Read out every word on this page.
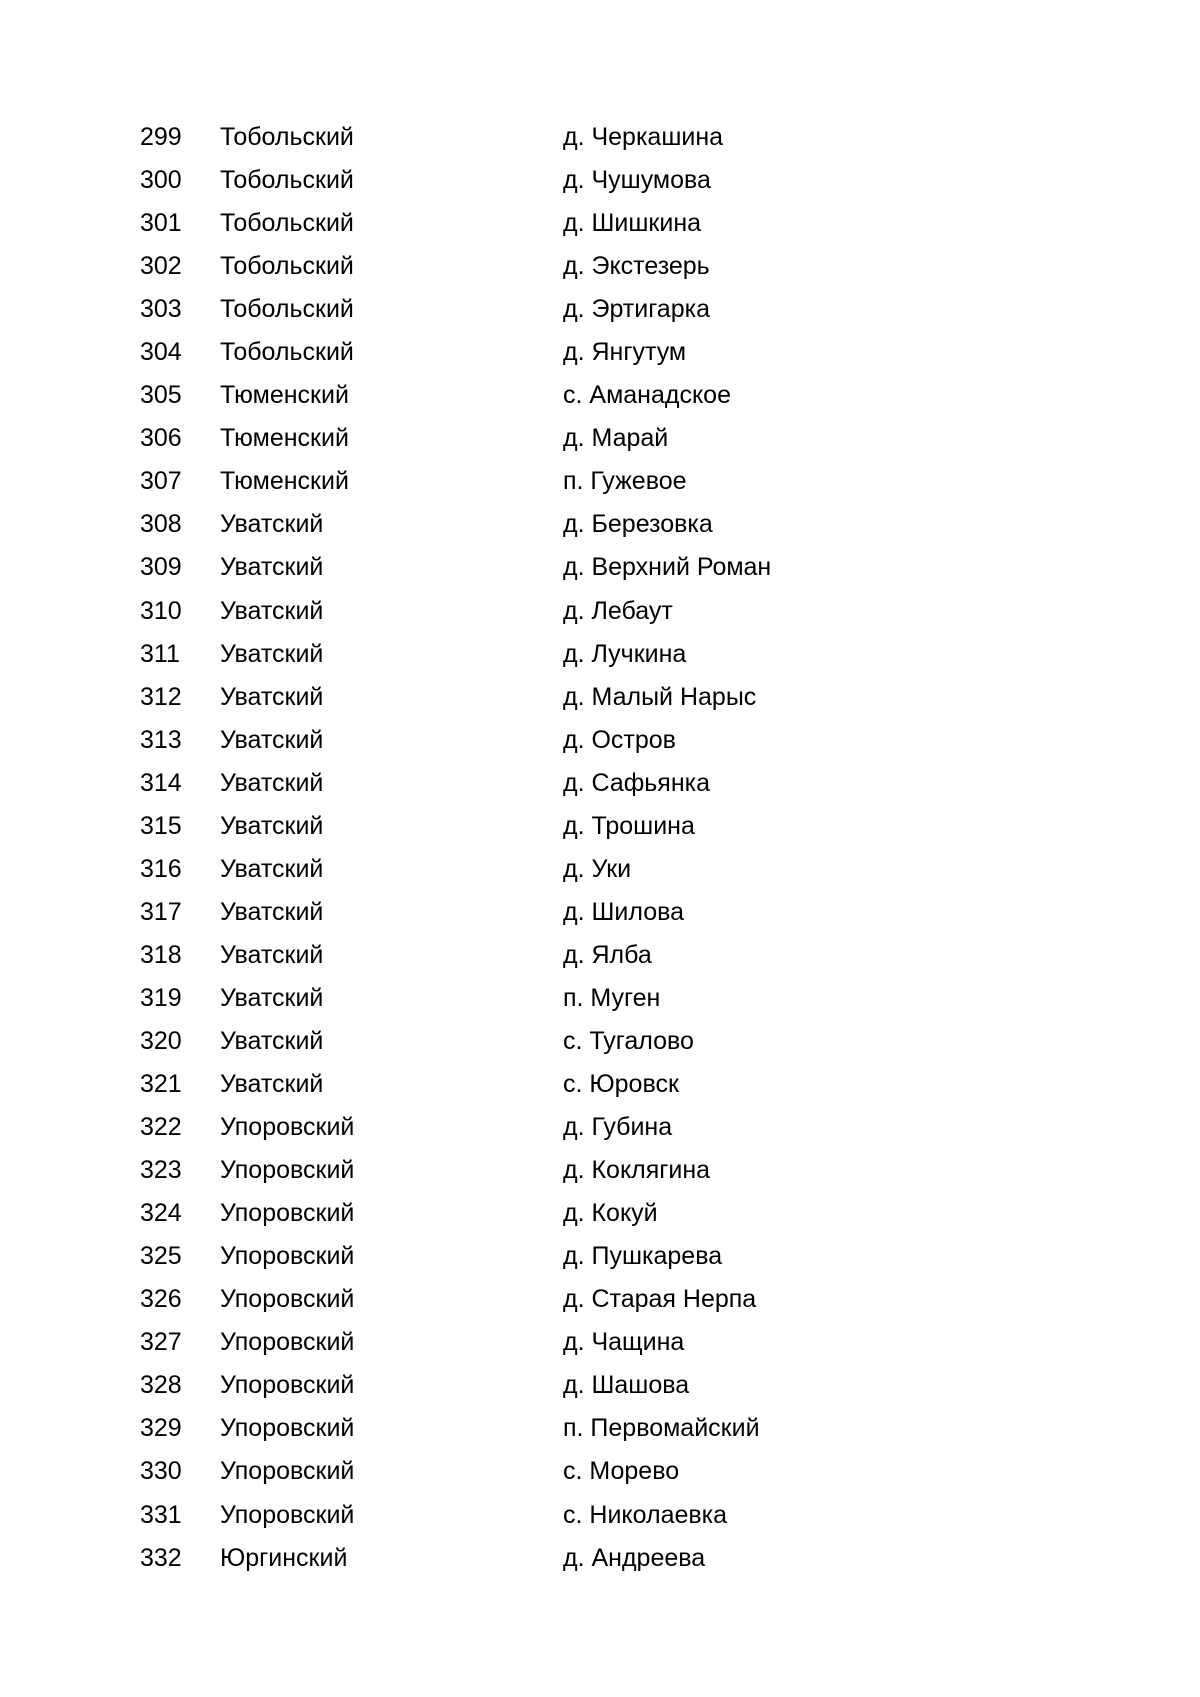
299 Тобольский	д. Черкашина
300 Тобольский	д. Чушумова
301 Тобольский	д. Шишкина
302 Тобольский	д. Экстезерь
303 Тобольский	д. Эртигарка
304 Тобольский	д. Янгутум
305 Тюменский	с. Аманадское
306 Тюменский	д. Марай
307 Тюменский	п. Гужевое
308 Уватский	д. Березовка
309 Уватский	д. Верхний Роман
310 Уватский	д. Лебаут
311 Уватский	д. Лучкина
312 Уватский	д. Малый Нарыс
313 Уватский	д. Остров
314 Уватский	д. Сафьянка
315 Уватский	д. Трошина
316 Уватский	д. Уки
317 Уватский	д. Шилова
318 Уватский	д. Ялба
319 Уватский	п. Муген
320 Уватский	с. Тугалово
321 Уватский	с. Юровск
322 Упоровский	д. Губина
323 Упоровский	д. Коклягина
324 Упоровский	д. Кокуй
325 Упоровский	д. Пушкарева
326 Упоровский	д. Старая Нерпа
327 Упоровский	д. Чащина
328 Упоровский	д. Шашова
329 Упоровский	п. Первомайский
330 Упоровский	с. Морево
331 Упоровский	с. Николаевка
332 Юргинский	д. Андреева
